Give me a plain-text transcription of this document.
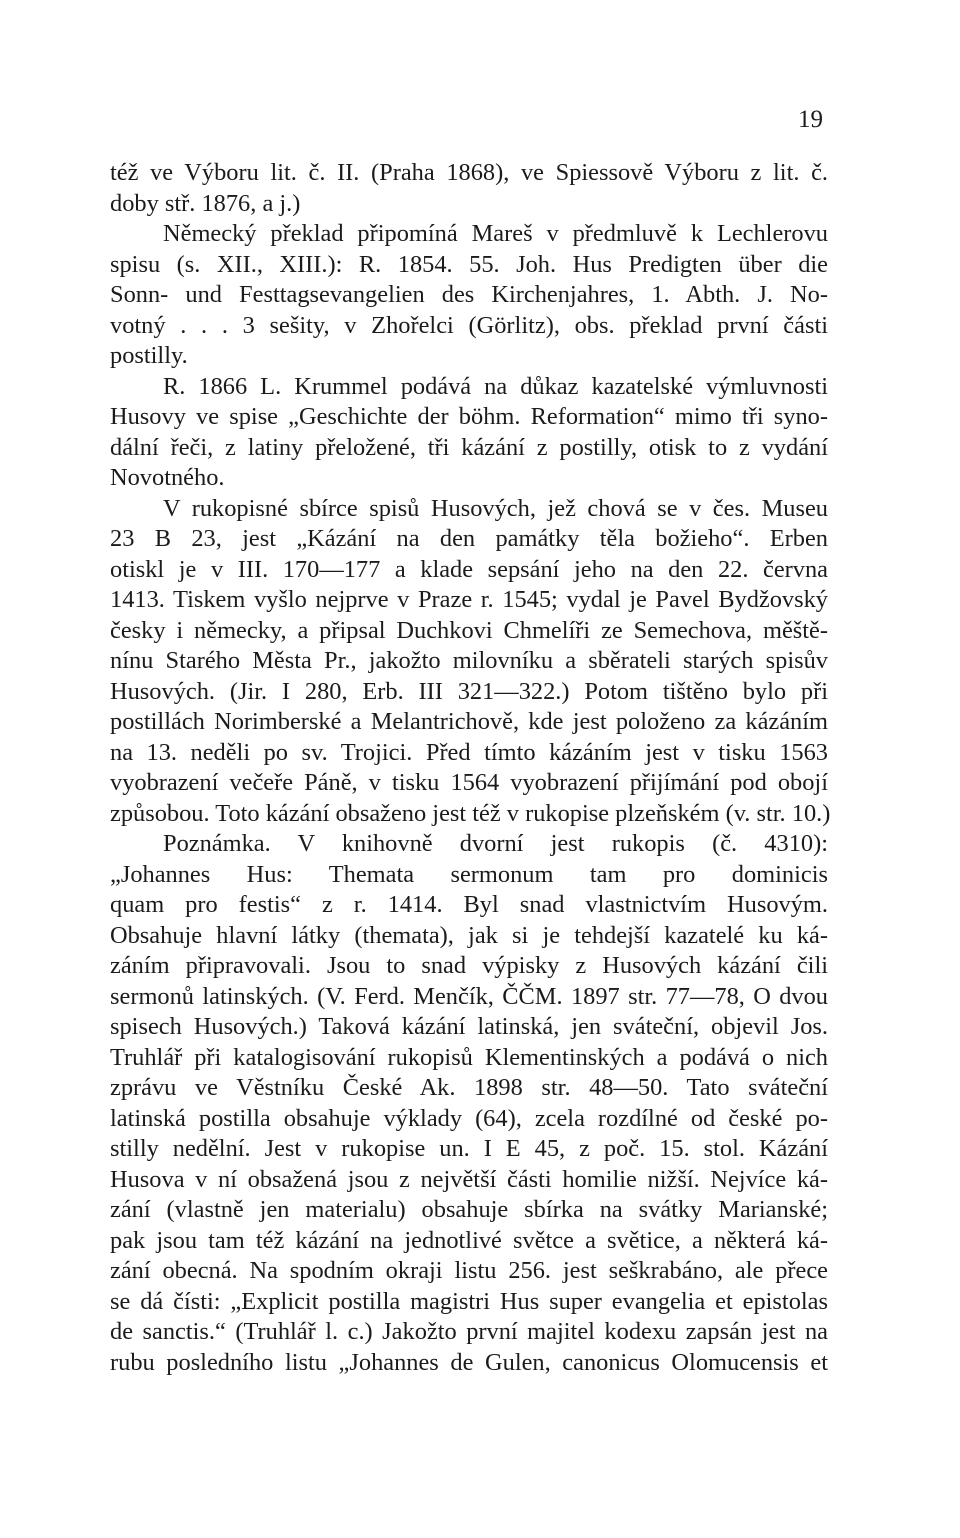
19
též ve Výboru lit. č. II. (Praha 1868), ve Spiessově Výboru z lit. č.
doby stř. 1876, a j.)
Německý překlad připomíná Mareš v předmluvě k Lechlerovu
spisu (s. XII., XIII.): R. 1854. 55. Joh. Hus Predigten über die
Sonn- und Festtagsevangelien des Kirchenjahres, 1. Abth. J. No-
votný . . . 3 sešity, v Zhořelci (Görlitz), obs. překlad první části
postilly.
R. 1866 L. Krummel podává na důkaz kazatelské výmluvnosti
Husovy ve spise „Geschichte der böhm. Reformation“ mimo tři syno-
dální řeči, z latiny přeložené, tři kázání z postilly, otisk to z vydání
Novotného.
V rukopisné sbírce spisů Husových, jež chová se v čes. Museu
23 B 23, jest „Kázání na den památky těla božieho“. Erben
otiskl je v III. 170—177 a klade sepsání jeho na den 22. června
1413. Tiskem vyšlo nejprve v Praze r. 1545; vydal je Pavel Bydžovský
česky i německy, a připsal Duchkovi Chmelíři ze Semechova, měště-
nínu Starého Města Pr., jakožto milovníku a sběrateli starých spisův
Husových. (Jir. I 280, Erb. III 321—322.) Potom tištěno bylo při
postillách Norimberské a Melantrichově, kde jest položeno za kázáním
na 13. neděli po sv. Trojici. Před tímto kázáním jest v tisku 1563
vyobrazení večeře Páně, v tisku 1564 vyobrazení přijímání pod obojí
způsobou. Toto kázání obsaženo jest též v rukopise plzeňském (v. str. 10.)
Poznámka. V knihovně dvorní jest rukopis (č. 4310):
„Johannes Hus: Themata sermonum tam pro dominicis
quam pro festis“ z r. 1414. Byl snad vlastnictvím Husovým.
Obsahuje hlavní látky (themata), jak si je tehdejší kazatelé ku ká-
záním připravovali. Jsou to snad výpisky z Husových kázání čili
sermonů latinských. (V. Ferd. Menčík, ČČM. 1897 str. 77—78, O dvou
spisech Husových.) Taková kázání latinská, jen sváteční, objevil Jos.
Truhlář při katalogisování rukopisů Klementinských a podává o nich
zprávu ve Věstníku České Ak. 1898 str. 48—50. Tato sváteční
latinská postilla obsahuje výklady (64), zcela rozdílné od české po-
stilly nedělní. Jest v rukopise un. I E 45, z poč. 15. stol. Kázání
Husova v ní obsažená jsou z největší části homilie nižší. Nejvíce ká-
zání (vlastně jen materialu) obsahuje sbírka na svátky Marianské;
pak jsou tam též kázání na jednotlivé světce a světice, a některá ká-
zání obecná. Na spodním okraji listu 256. jest seškrabáno, ale přece
se dá čísti: „Explicit postilla magistri Hus super evangelia et epistolas
de sanctis.“ (Truhlář l. c.) Jakožto první majitel kodexu zapsán jest na
rubu posledního listu „Johannes de Gulen, canonicus Olomucensis et
